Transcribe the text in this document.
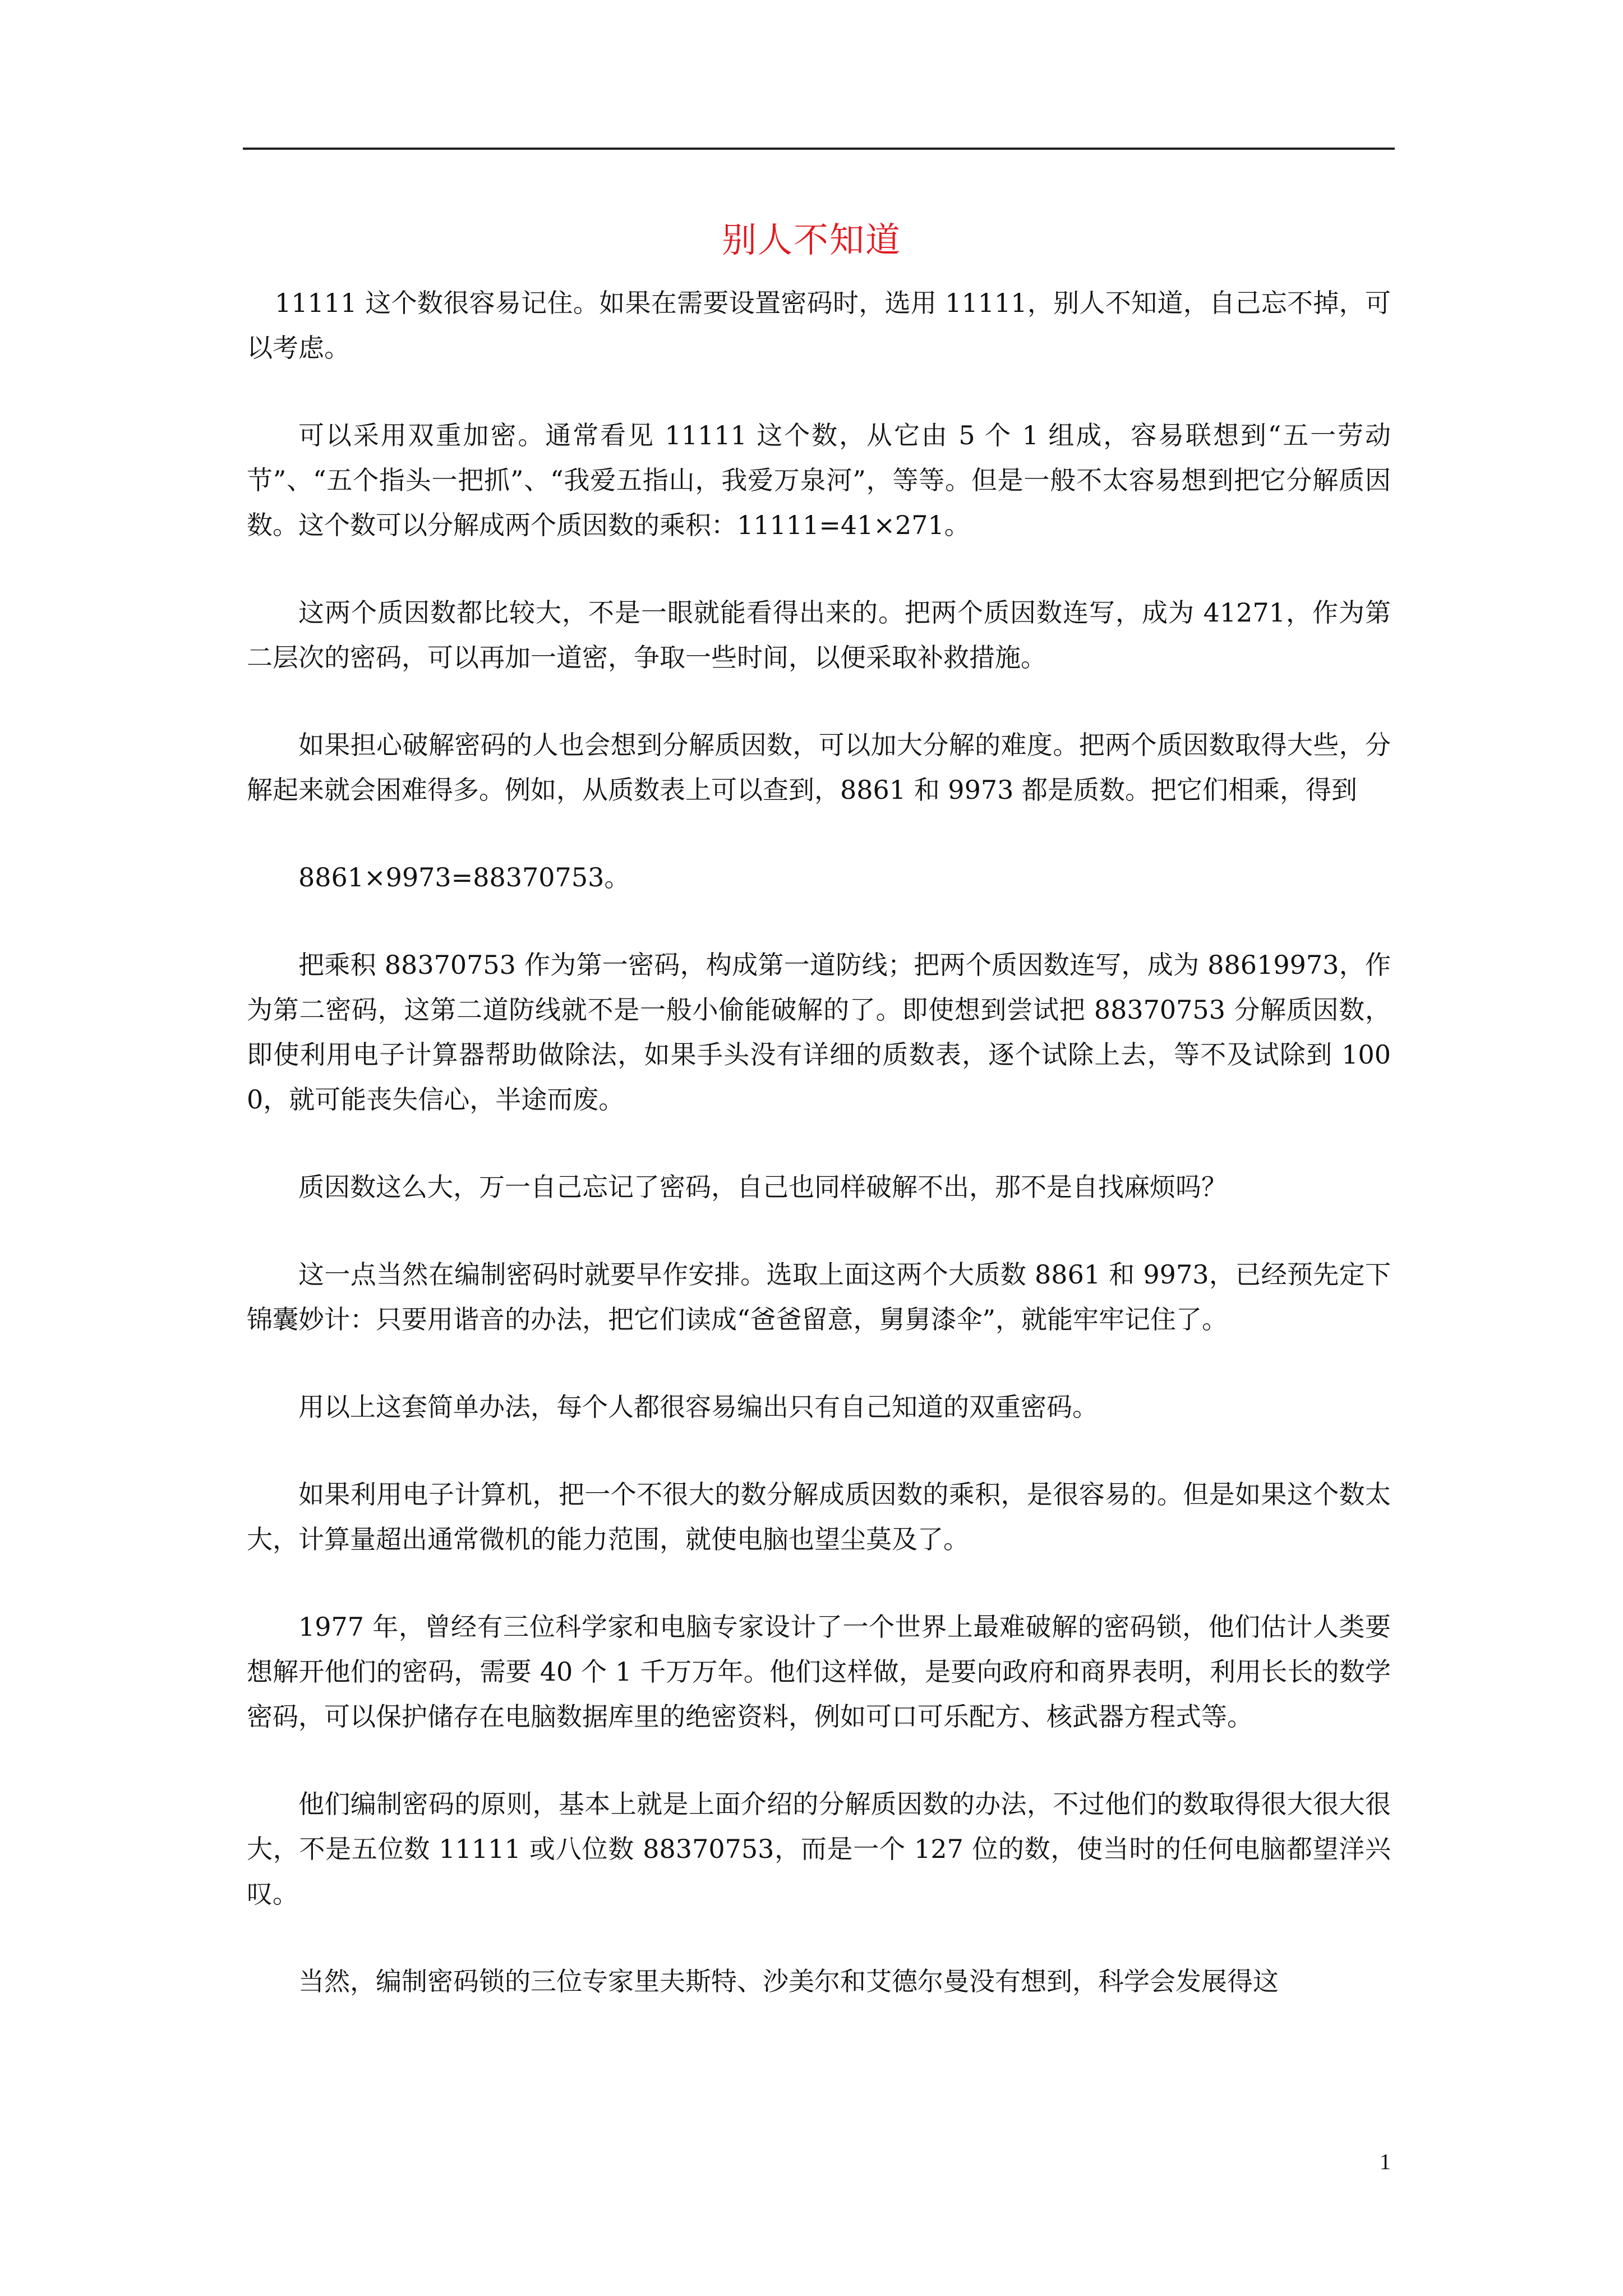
别人不知道

11111 这个数很容易记住。如果在需要设置密码时，选用 11111，别人不知道，自己忘不掉，可以考虑。

可以采用双重加密。通常看见 11111 这个数，从它由 5 个 1 组成，容易联想到“五一劳动节”、“五个指头一把抓”、“我爱五指山，我爱万泉河”，等等。但是一般不太容易想到把它分解质因数。这个数可以分解成两个质因数的乘积：11111=41×271。

这两个质因数都比较大，不是一眼就能看得出来的。把两个质因数连写，成为 41271，作为第二层次的密码，可以再加一道密，争取一些时间，以便采取补救措施。

如果担心破解密码的人也会想到分解质因数，可以加大分解的难度。把两个质因数取得大些，分解起来就会困难得多。例如，从质数表上可以查到，8861 和 9973 都是质数。把它们相乘，得到

8861×9973=88370753。

把乘积 88370753 作为第一密码，构成第一道防线；把两个质因数连写，成为 88619973，作为第二密码，这第二道防线就不是一般小偷能破解的了。即使想到尝试把 88370753 分解质因数，即使利用电子计算器帮助做除法，如果手头没有详细的质数表，逐个试除上去，等不及试除到 1000，就可能丧失信心，半途而废。

质因数这么大，万一自己忘记了密码，自己也同样破解不出，那不是自找麻烦吗？

这一点当然在编制密码时就要早作安排。选取上面这两个大质数 8861 和 9973，已经预先定下锦囊妙计：只要用谐音的办法，把它们读成“爸爸留意，舅舅漆伞”，就能牢牢记住了。

用以上这套简单办法，每个人都很容易编出只有自己知道的双重密码。

如果利用电子计算机，把一个不很大的数分解成质因数的乘积，是很容易的。但是如果这个数太大，计算量超出通常微机的能力范围，就使电脑也望尘莫及了。

1977 年，曾经有三位科学家和电脑专家设计了一个世界上最难破解的密码锁，他们估计人类要想解开他们的密码，需要 40 个 1 千万万年。他们这样做，是要向政府和商界表明，利用长长的数学密码，可以保护储存在电脑数据库里的绝密资料，例如可口可乐配方、核武器方程式等。

他们编制密码的原则，基本上就是上面介绍的分解质因数的办法，不过他们的数取得很大很大很大，不是五位数 11111 或八位数 88370753，而是一个 127 位的数，使当时的任何电脑都望洋兴叹。

当然，编制密码锁的三位专家里夫斯特、沙美尔和艾德尔曼没有想到，科学会发展得这

1
